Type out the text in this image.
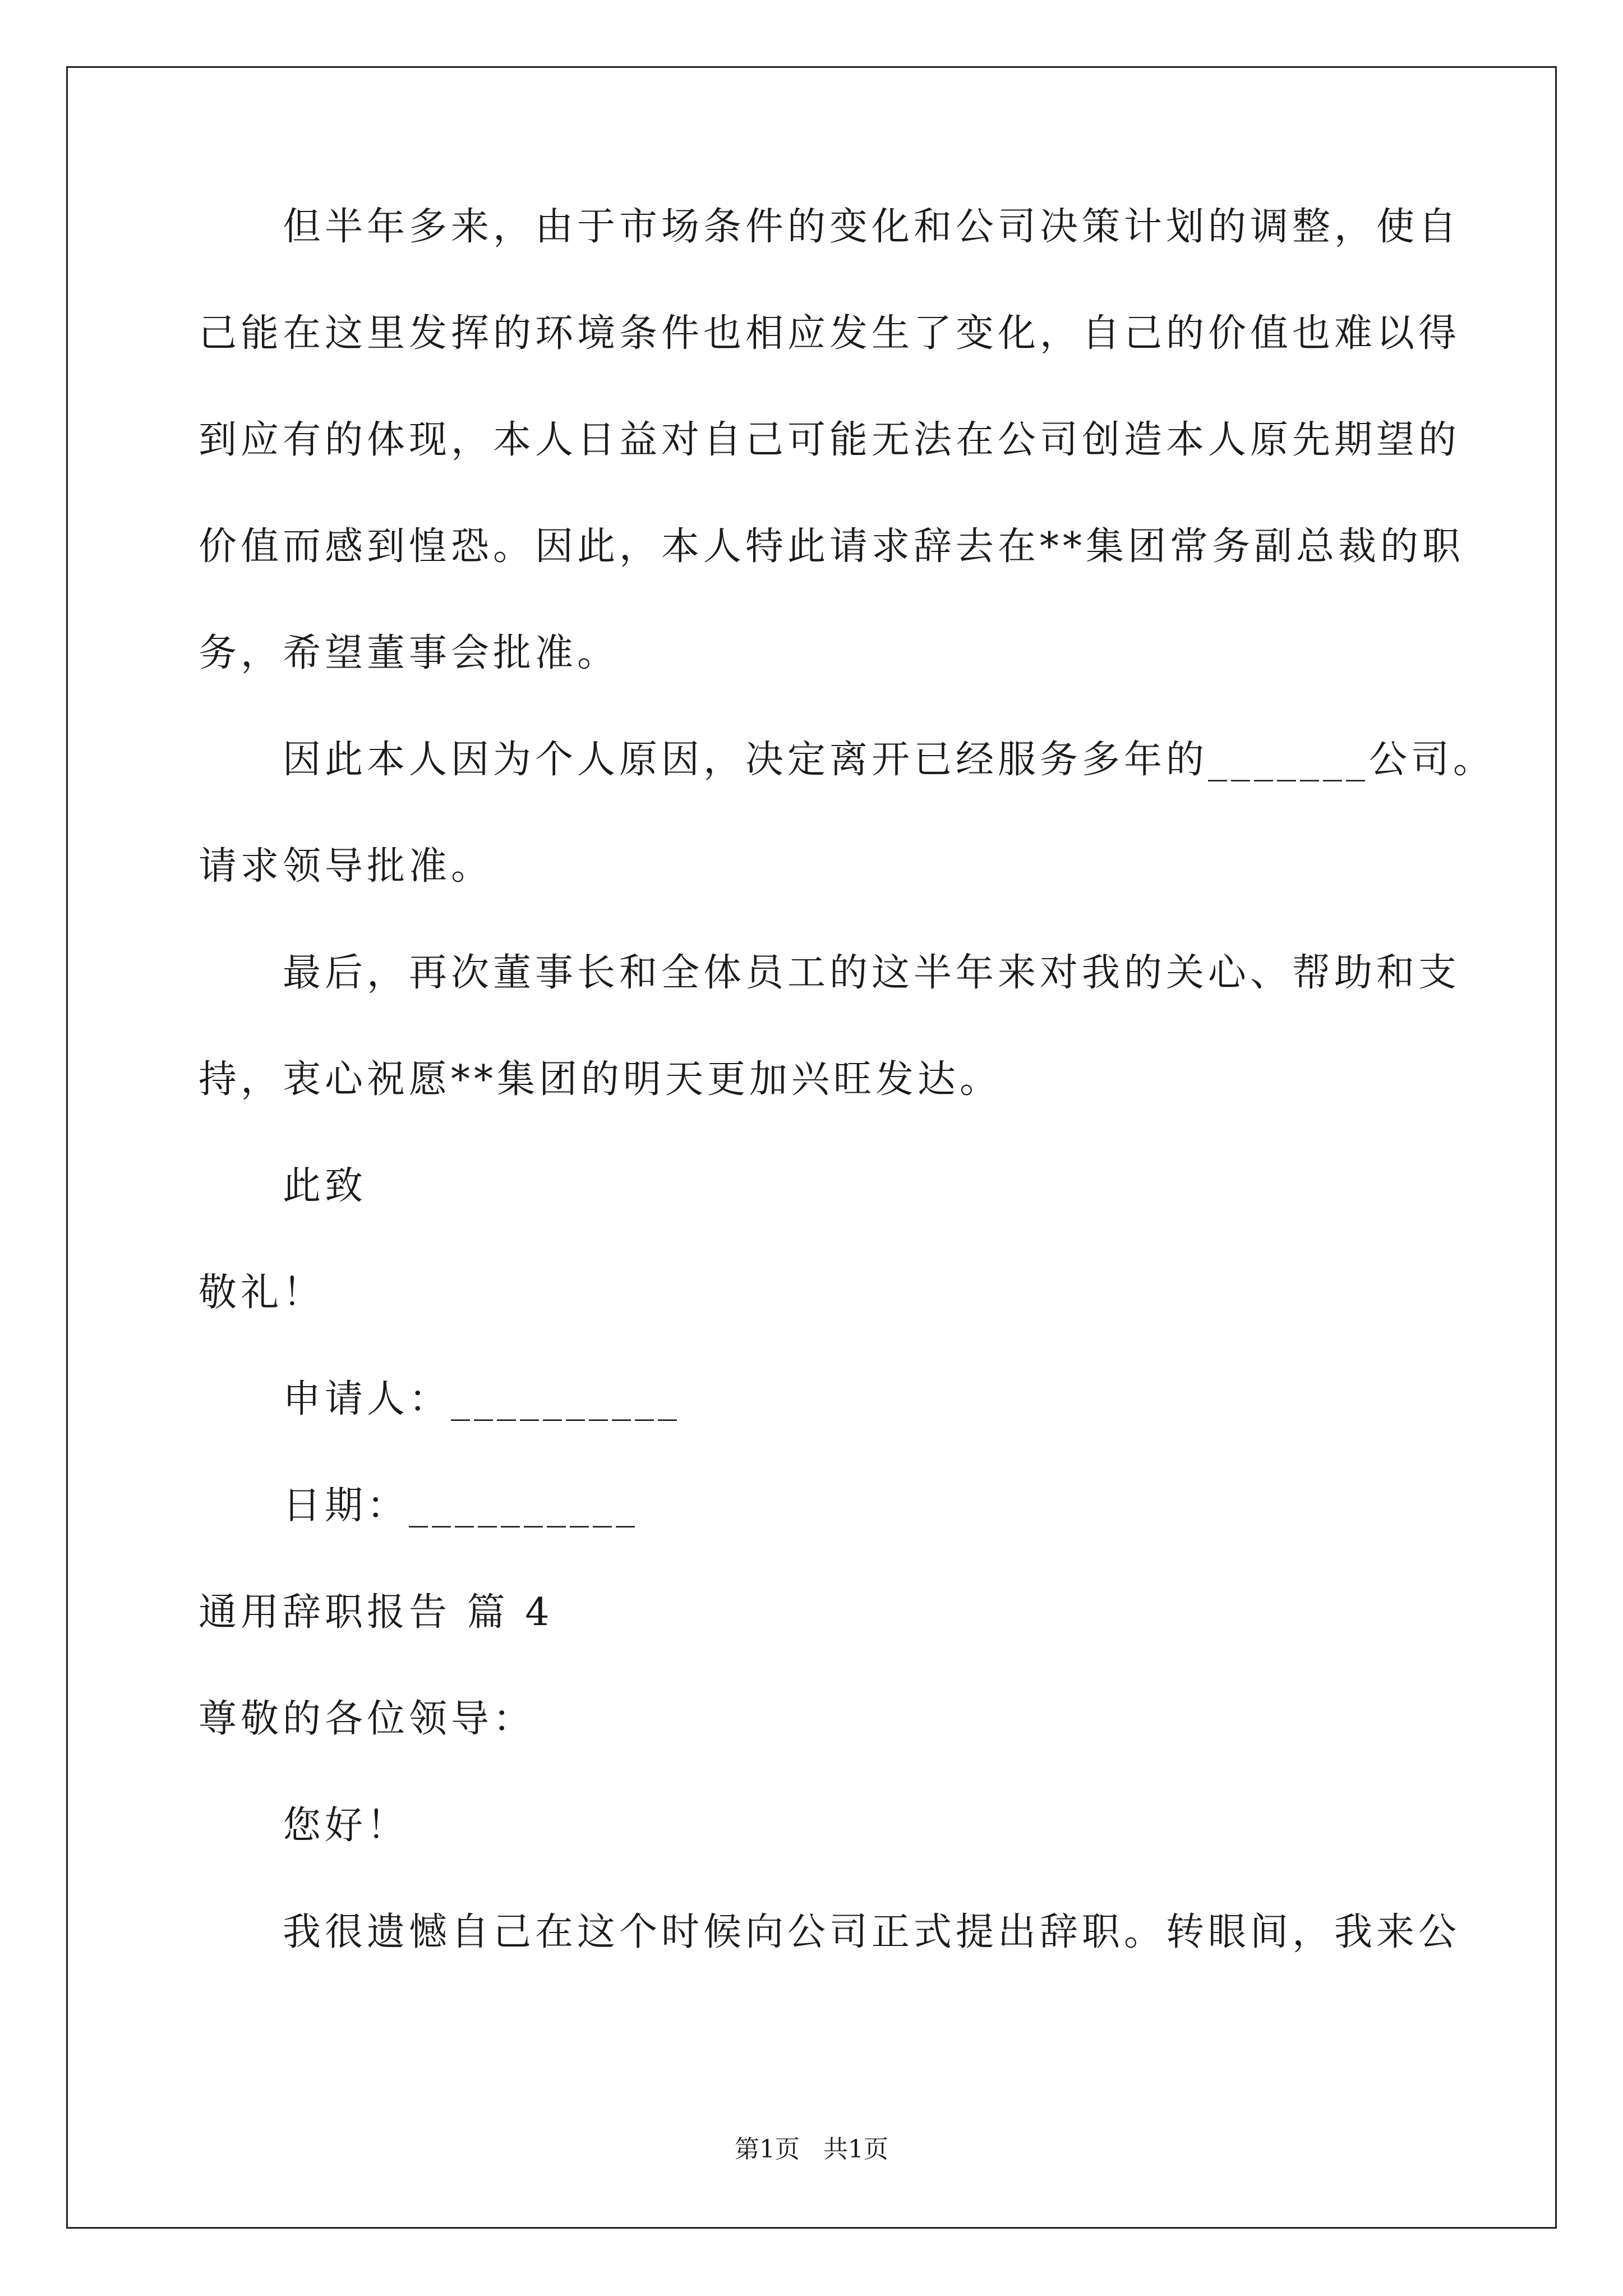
但半年多来，由于市场条件的变化和公司决策计划的调整，使自
己能在这里发挥的环境条件也相应发生了变化，自己的价值也难以得
到应有的体现，本人日益对自己可能无法在公司创造本人原先期望的
价值而感到惶恐。因此，本人特此请求辞去在**集团常务副总裁的职
务，希望董事会批准。
因此本人因为个人原因，决定离开已经服务多年的_______公司。
请求领导批准。
最后，再次董事长和全体员工的这半年来对我的关心、帮助和支
持，衷心祝愿**集团的明天更加兴旺发达。
此致
敬礼！
申请人：__________
日期：__________
通用辞职报告 篇 4
尊敬的各位领导：
您好！
我很遗憾自己在这个时候向公司正式提出辞职。转眼间，我来公
第1页   共1页
